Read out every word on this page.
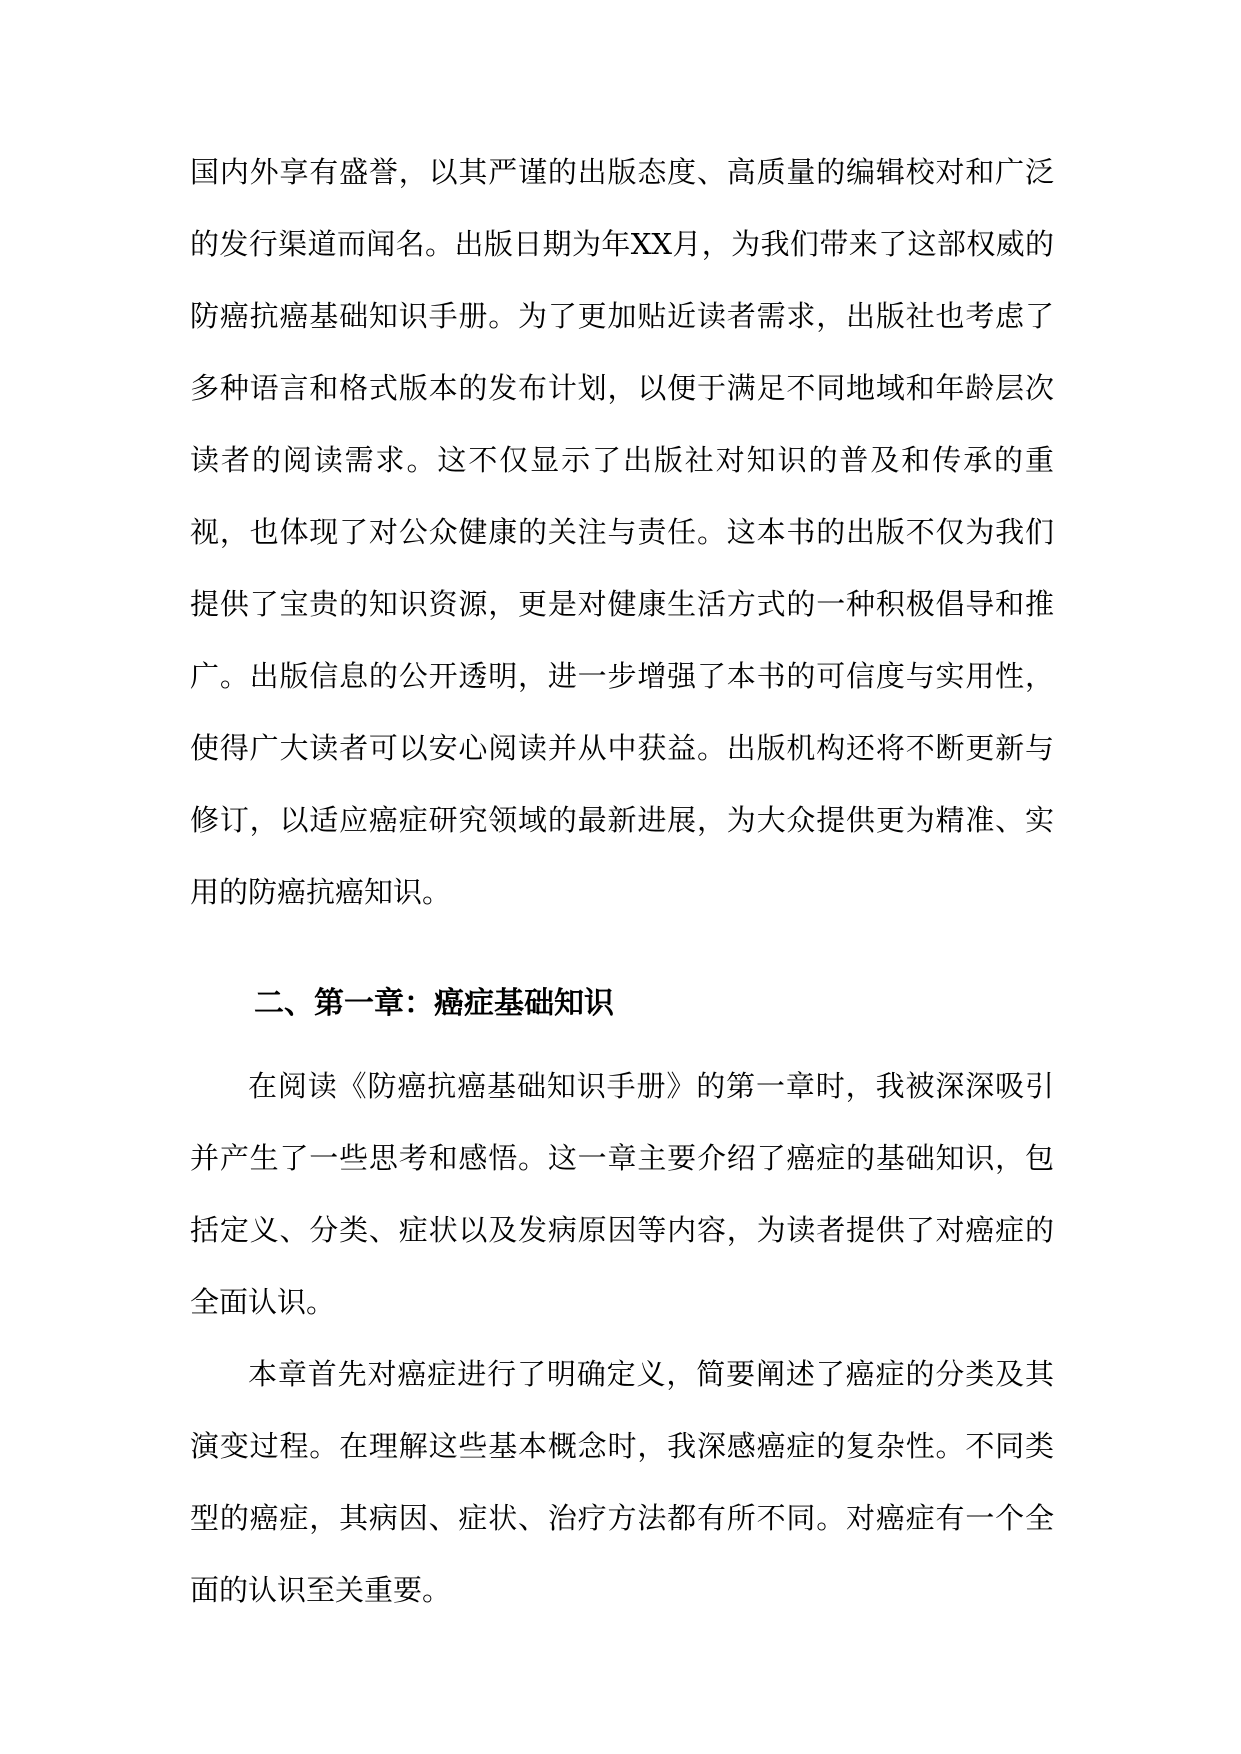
国内外享有盛誉，以其严谨的出版态度、高质量的编辑校对和广泛的发行渠道而闻名。出版日期为年XX月，为我们带来了这部权威的防癌抗癌基础知识手册。为了更加贴近读者需求，出版社也考虑了多种语言和格式版本的发布计划，以便于满足不同地域和年龄层次读者的阅读需求。这不仅显示了出版社对知识的普及和传承的重视，也体现了对公众健康的关注与责任。这本书的出版不仅为我们提供了宝贵的知识资源，更是对健康生活方式的一种积极倡导和推广。出版信息的公开透明，进一步增强了本书的可信度与实用性，使得广大读者可以安心阅读并从中获益。出版机构还将不断更新与修订，以适应癌症研究领域的最新进展，为大众提供更为精准、实用的防癌抗癌知识。

二、第一章：癌症基础知识

在阅读《防癌抗癌基础知识手册》的第一章时，我被深深吸引并产生了一些思考和感悟。这一章主要介绍了癌症的基础知识，包括定义、分类、症状以及发病原因等内容，为读者提供了对癌症的全面认识。

本章首先对癌症进行了明确定义，简要阐述了癌症的分类及其演变过程。在理解这些基本概念时，我深感癌症的复杂性。不同类型的癌症，其病因、症状、治疗方法都有所不同。对癌症有一个全面的认识至关重要。
